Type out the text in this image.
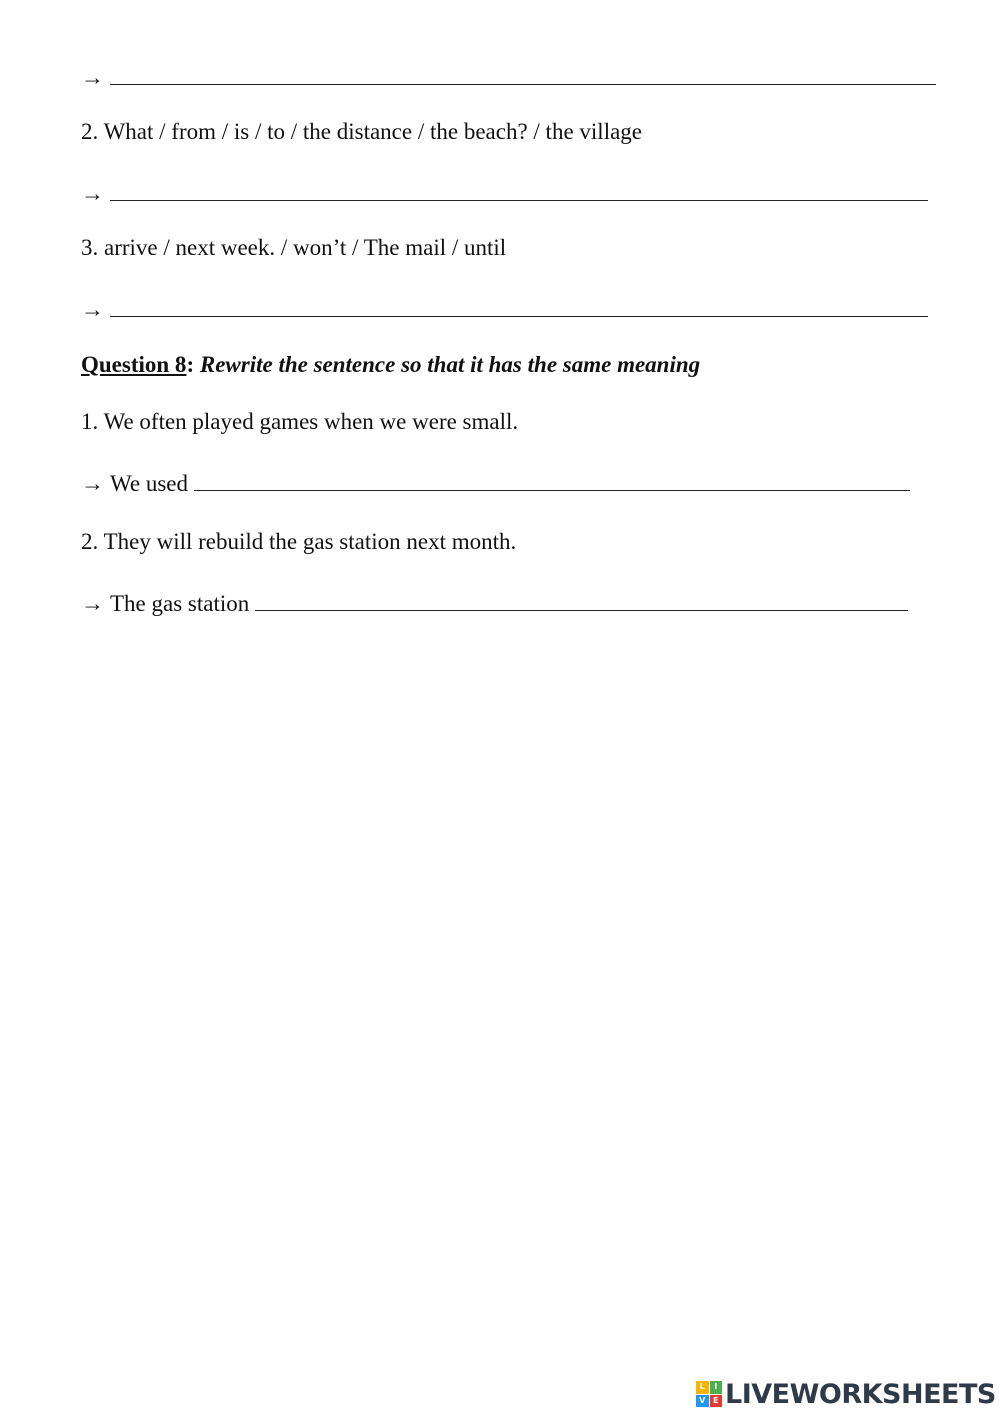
→
2. What / from / is / to / the distance / the beach? / the village
→
3. arrive / next week. / won’t / The mail / until
→
Question 8: Rewrite the sentence so that it has the same meaning
1. We often played games when we were small.
→ We used
2. They will rebuild the gas station next month.
→ The gas station
L	I
V E LIVEWORKSHEETS
